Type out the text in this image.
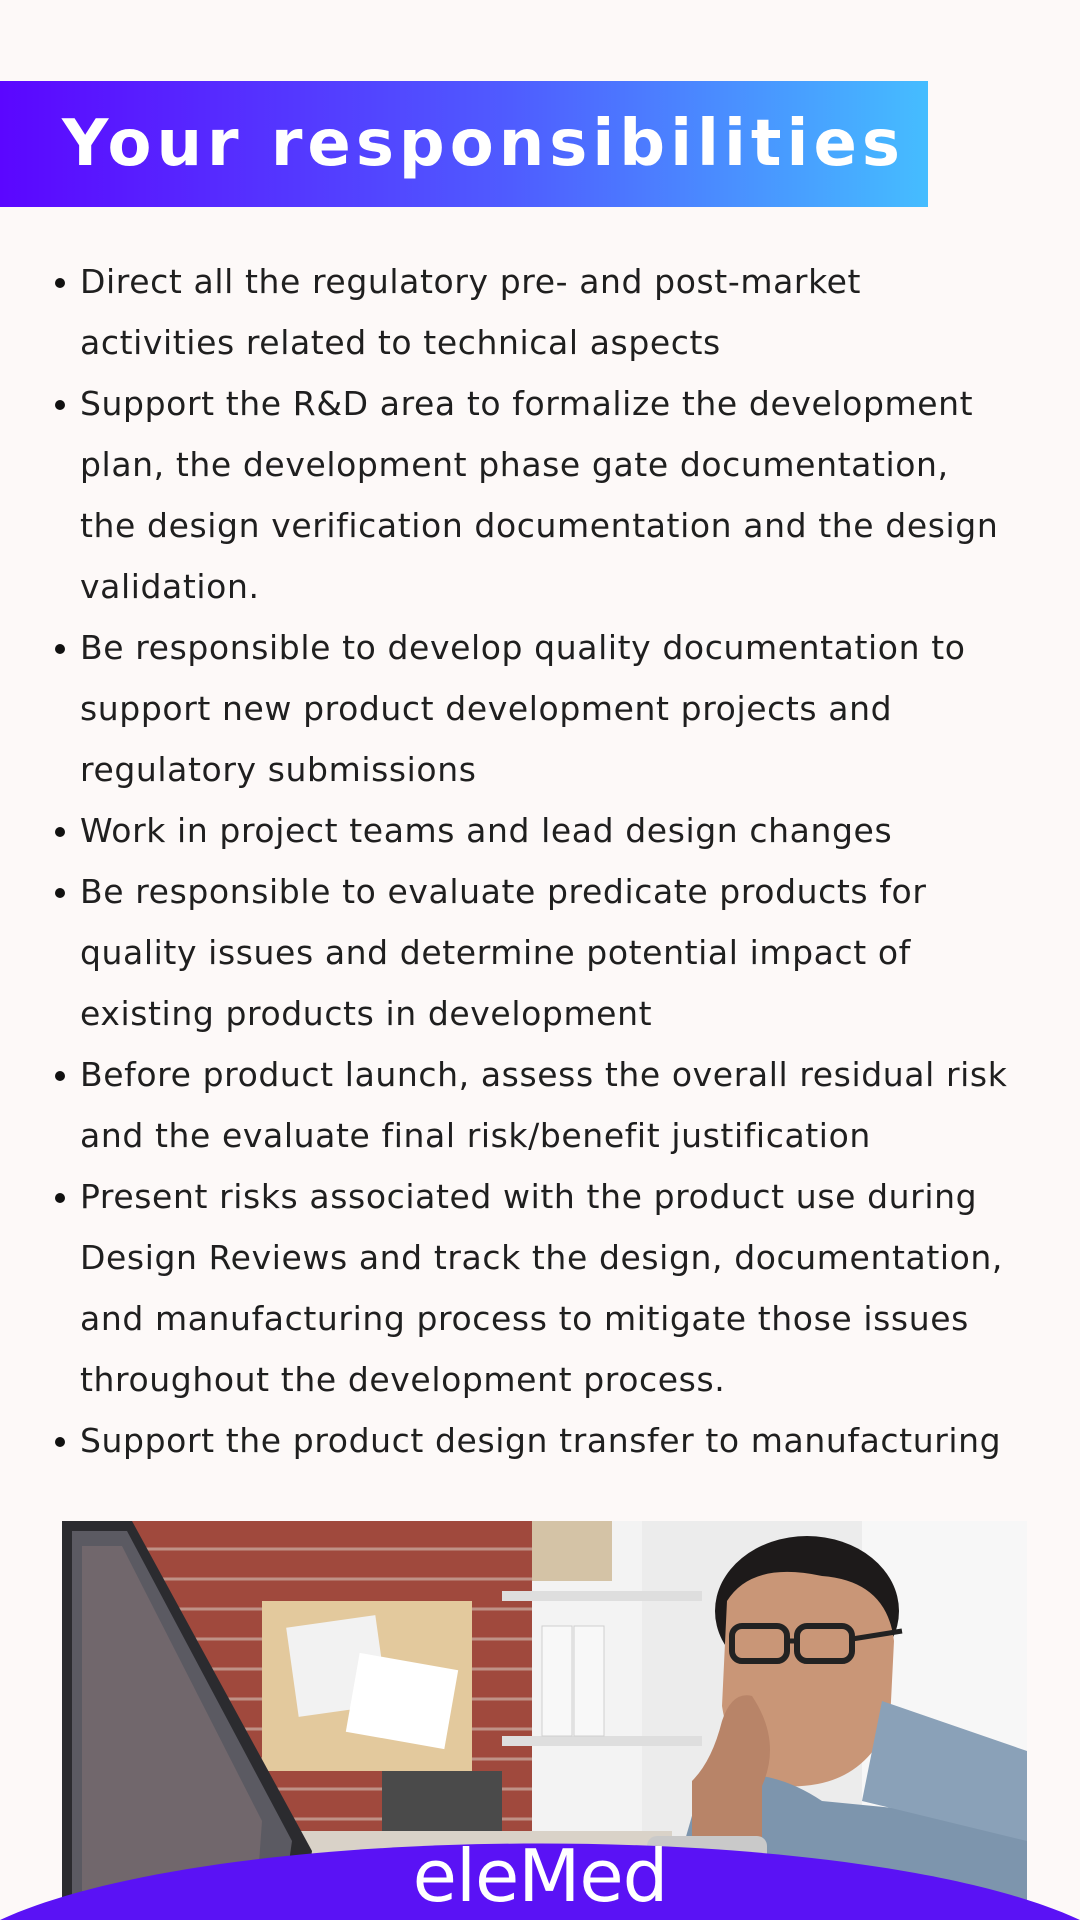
Your responsibilities
Direct all the regulatory pre- and post-market activities related to technical aspects
Support the R&D area to formalize the development plan, the development phase gate documentation, the design verification documentation and the design validation.
Be responsible to develop quality documentation to support new product development projects and regulatory submissions
Work in project teams and lead design changes
Be responsible to evaluate predicate products for quality issues and determine potential impact of existing products in development
Before product launch, assess the overall residual risk and the evaluate final risk/benefit justification
Present risks associated with the product use during Design Reviews and track the design, documentation, and manufacturing process to mitigate those issues throughout the development process.
Support the product design transfer to manufacturing
eleMed
